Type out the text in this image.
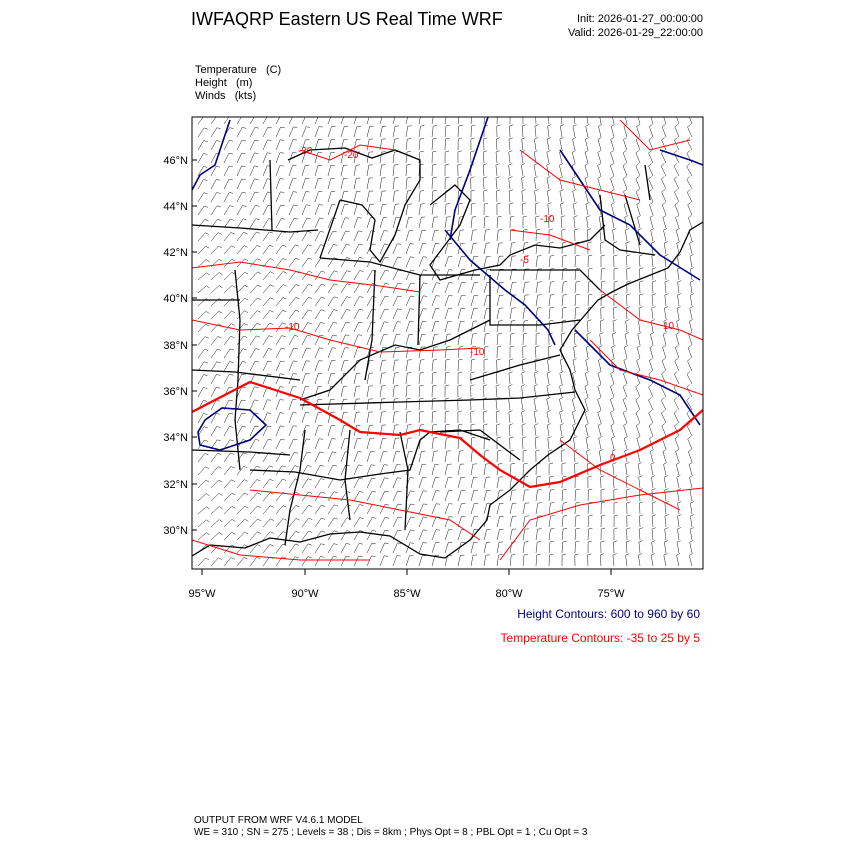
IWFAQRP Eastern US Real Time WRF	Init: 2026-01-27_00:00:00
Valid: 2026-01-29_22:00:00
Temperature (C)
Height (m)
Winds (kts)
46°N
44°N
42°N
40°N
38°N
36°N
34°N
32°N
30°N
95°W	90°W	85°W	80°W	75°W
-30	-20
-10
-10
-10
-5
10
0
Height Contours: 600 to 960 by 60
Temperature Contours: -35 to 25 by 5
OUTPUT FROM WRF V4.6.1 MODEL
WE = 310 ; SN = 275 ; Levels = 38 ; Dis = 8km ; Phys Opt = 8 ; PBL Opt = 1 ; Cu Opt = 3
